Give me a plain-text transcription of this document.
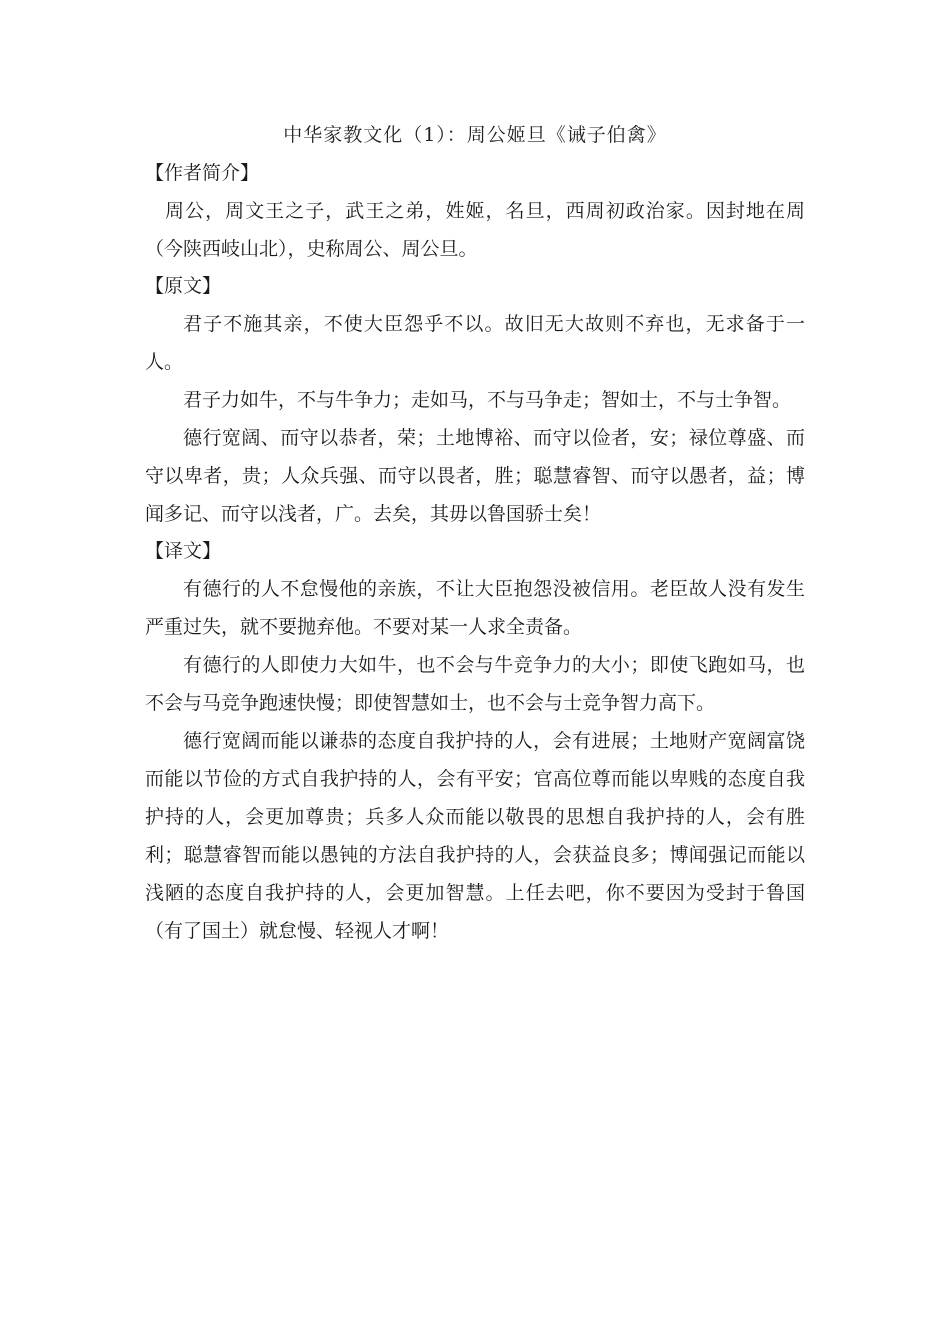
中华家教文化（1）：周公姬旦《诫子伯禽》
【作者简介】

周公，周文王之子，武王之弟，姓姬，名旦，西周初政治家。因封地在周（今陕西岐山北），史称周公、周公旦。

【原文】

君子不施其亲，不使大臣怨乎不以。故旧无大故则不弃也，无求备于一人。

君子力如牛，不与牛争力；走如马，不与马争走；智如士，不与士争智。

德行宽阔、而守以恭者，荣；土地博裕、而守以俭者，安；禄位尊盛、而守以卑者，贵；人众兵强、而守以畏者，胜；聪慧睿智、而守以愚者，益；博闻多记、而守以浅者，广。去矣，其毋以鲁国骄士矣！

【译文】

有德行的人不怠慢他的亲族，不让大臣抱怨没被信用。老臣故人没有发生严重过失，就不要抛弃他。不要对某一人求全责备。

有德行的人即使力大如牛，也不会与牛竞争力的大小；即使飞跑如马，也不会与马竞争跑速快慢；即使智慧如士，也不会与士竞争智力高下。

德行宽阔而能以谦恭的态度自我护持的人，会有进展；土地财产宽阔富饶而能以节俭的方式自我护持的人，会有平安；官高位尊而能以卑贱的态度自我护持的人，会更加尊贵；兵多人众而能以敬畏的思想自我护持的人，会有胜利；聪慧睿智而能以愚钝的方法自我护持的人，会获益良多；博闻强记而能以浅陋的态度自我护持的人，会更加智慧。上任去吧，你不要因为受封于鲁国（有了国土）就怠慢、轻视人才啊！
